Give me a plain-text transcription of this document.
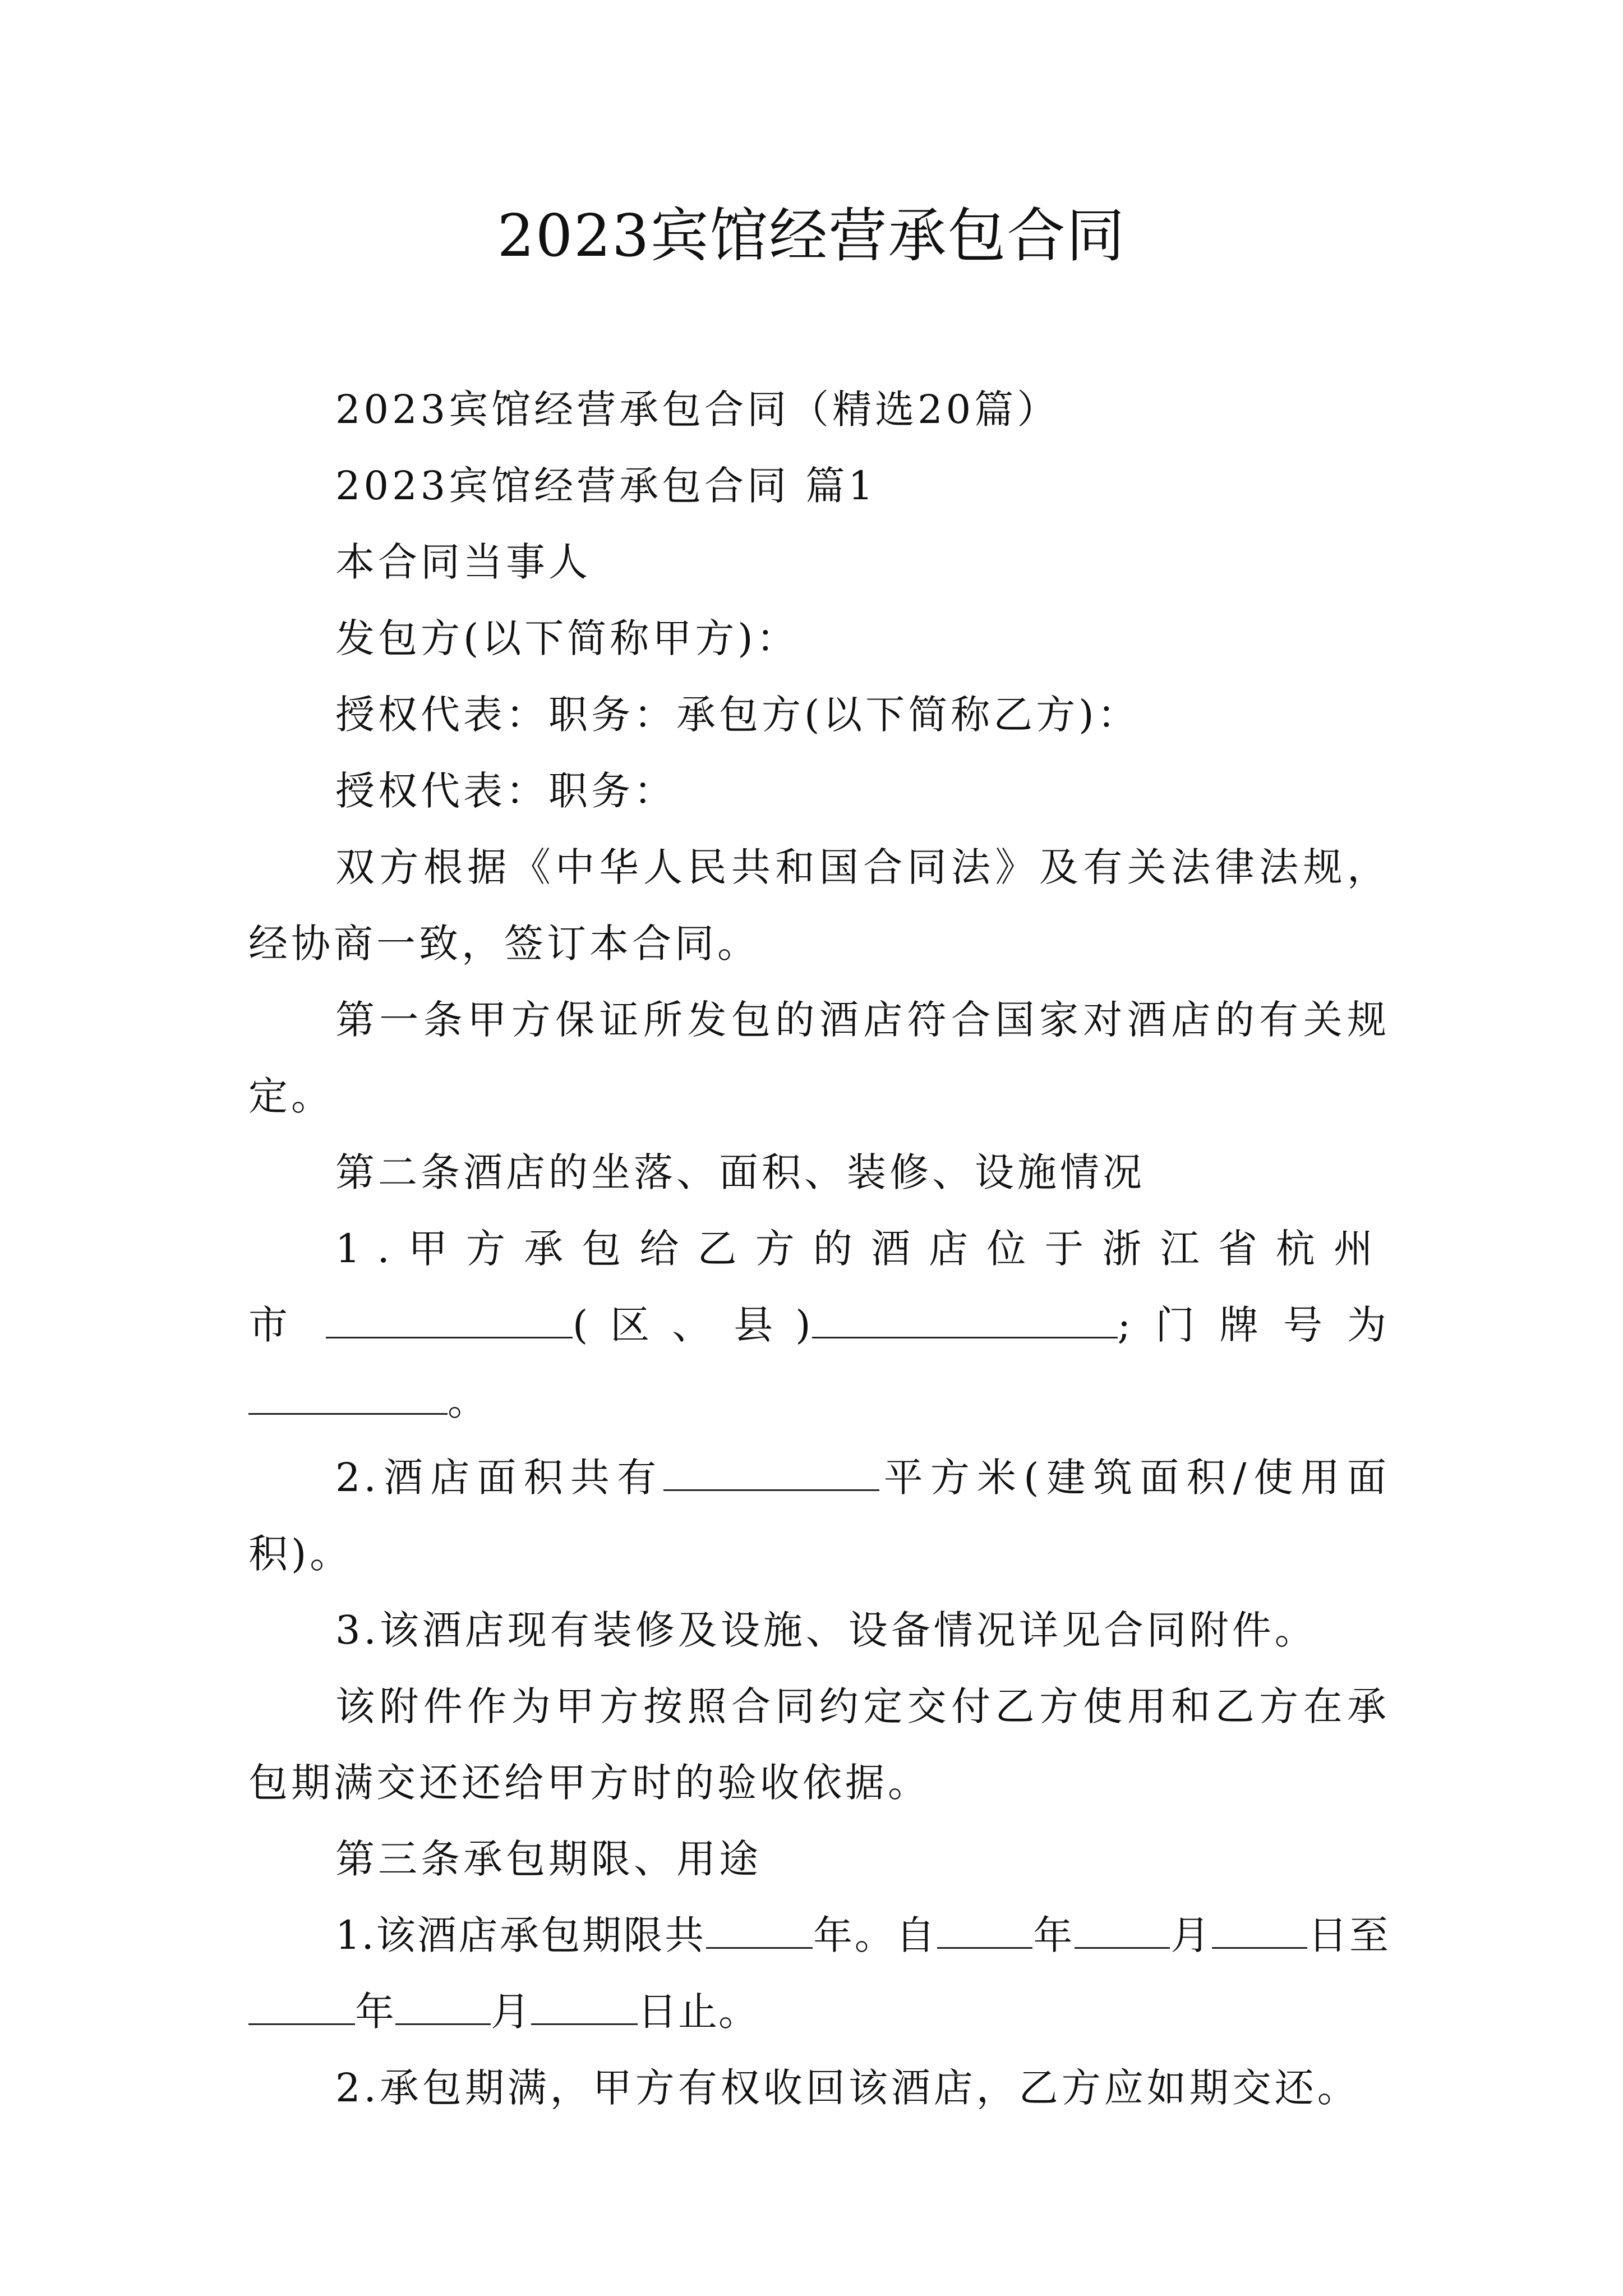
2023宾馆经营承包合同

2023宾馆经营承包合同（精选20篇）

2023宾馆经营承包合同 篇1

本合同当事人

发包方(以下简称甲方)：

授权代表：职务：承包方(以下简称乙方)：

授权代表：职务：

双方根据《中华人民共和国合同法》及有关法律法规，经协商一致，签订本合同。

第一条甲方保证所发包的酒店符合国家对酒店的有关规定。

第二条酒店的坐落、面积、装修、设施情况

1.甲方承包给乙方的酒店位于浙江省杭州市	(区、县)	;门牌号为。

2.酒店面积共有	平方米(建筑面积/使用面积)。

3.该酒店现有装修及设施、设备情况详见合同附件。

该附件作为甲方按照合同约定交付乙方使用和乙方在承包期满交还还给甲方时的验收依据。

第三条承包期限、用途

1.该酒店承包期限共	年。自 年 月 日至年 月	日止。

2.承包期满，甲方有权收回该酒店，乙方应如期交还。
